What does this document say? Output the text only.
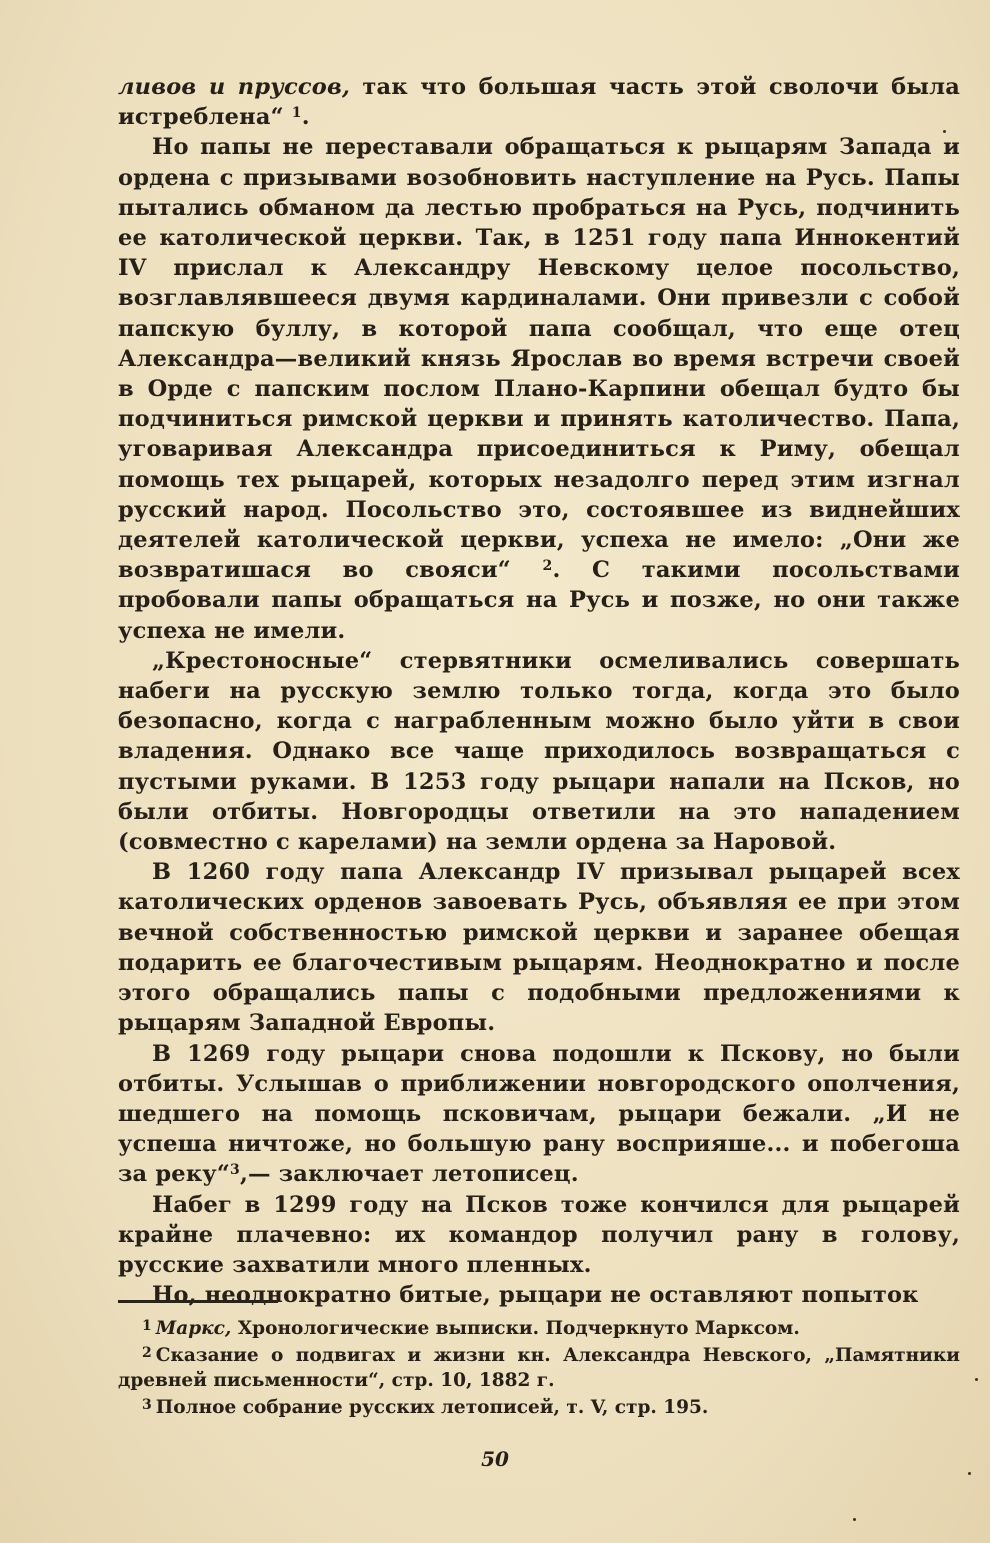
ливов и пруссов, так что большая часть этой сволочи была истреблена“ $^1$.

Но папы не переставали обращаться к рыцарям Запада и ордена с призывами возобновить наступление на Русь. Папы пытались обманом да лестью пробраться на Русь, подчинить ее католической церкви. Так, в 1251 году папа Иннокентий IV прислал к Александру Невскому целое посольство, возглавлявшееся двумя кардиналами. Они привезли с собой папскую буллу, в которой папа сообщал, что еще отец Александра—великий князь Ярослав во время встречи своей в Орде с папским послом Плано-Карпини обещал будто бы подчиниться римской церкви и принять католичество. Папа, уговаривая Александра присоединиться к Риму, обещал помощь тех рыцарей, которых незадолго перед этим изгнал русский народ. Посольство это, состоявшее из виднейших деятелей католической церкви, успеха не имело: „Они же возвратишася во свояси“ $^2$. С такими посольствами пробовали папы обращаться на Русь и позже, но они также успеха не имели.

„Крестоносные“ стервятники осмеливались совершать набеги на русскую землю только тогда, когда это было безопасно, когда с награбленным можно было уйти в свои владения. Однако все чаще приходилось возвращаться с пустыми руками. В 1253 году рыцари напали на Псков, но были отбиты. Новгородцы ответили на это нападением (совместно с карелами) на земли ордена за Наровой.

В 1260 году папа Александр IV призывал рыцарей всех католических орденов завоевать Русь, объявляя ее при этом вечной собственностью римской церкви и заранее обещая подарить ее благочестивым рыцарям. Неоднократно и после этого обращались папы с подобными предложениями к рыцарям Западной Европы.

В 1269 году рыцари снова подошли к Пскову, но были отбиты. Услышав о приближении новгородского ополчения, шедшего на помощь псковичам, рыцари бежали. „И не успеша ничтоже, но большую рану восприяше... и побегоша за реку“$^3$,— заключает летописец.

Набег в 1299 году на Псков тоже кончился для рыцарей крайне плачевно: их командор получил рану в голову, русские захватили много пленных.

Но, неоднократно битые, рыцари не оставляют попыток

$^1$ Маркс, Хронологические выписки. Подчеркнуто Марксом.

$^2$ Сказание о подвигах и жизни кн. Александра Невского, „Памятники древней письменности“, стр. 10, 1882 г.

$^3$ Полное собрание русских летописей, т. V, стр. 195.

50
